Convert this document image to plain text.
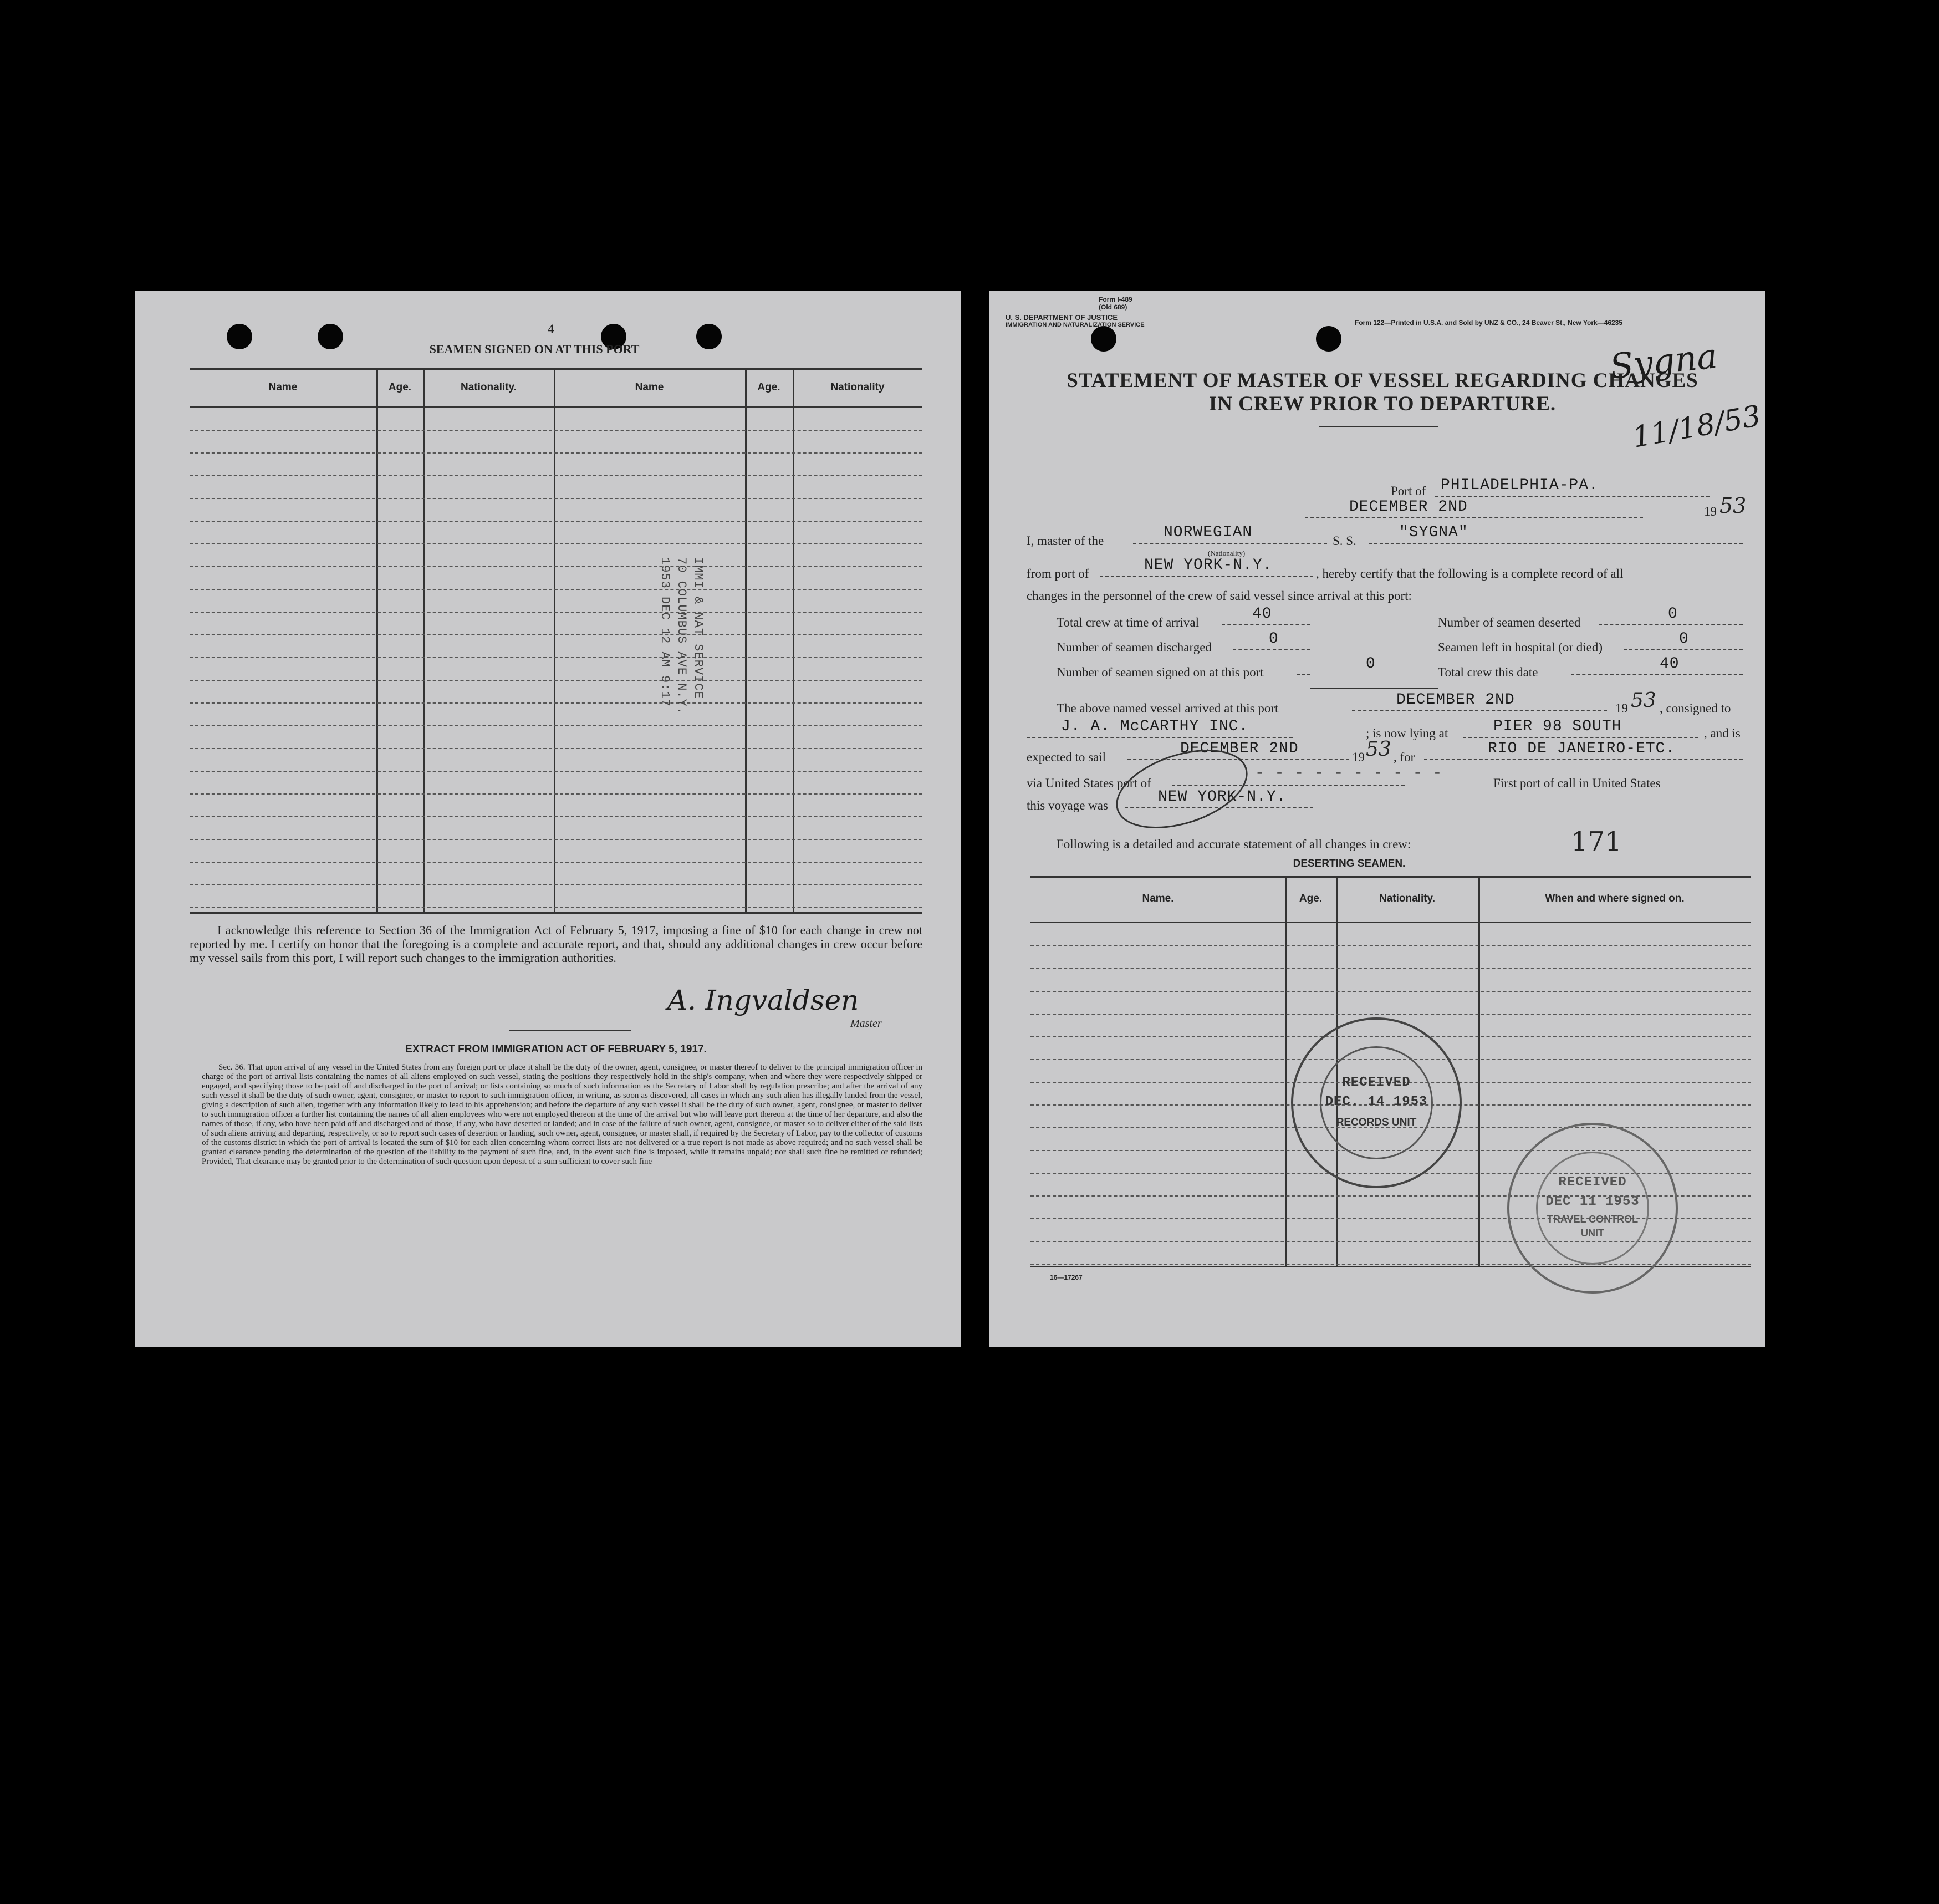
4
SEAMEN SIGNED ON AT THIS PORT
Name	Age.	Nationality.	Name	Age.	Nationality
IMMI & NAT SERVICE
70 COLUMBUS AVE N.Y.
1953 DEC 12 AM 9:17
I acknowledge this reference to Section 36 of the Immigration Act of February 5, 1917, imposing a fine of $10 for each change in crew not reported by me. I certify on honor that the foregoing is a complete and accurate report, and that, should any additional changes in crew occur before my vessel sails from this port, I will report such changes to the immigration authorities.
A. Ingvaldsen
Master
EXTRACT FROM IMMIGRATION ACT OF FEBRUARY 5, 1917.
Sec. 36. That upon arrival of any vessel in the United States from any foreign port or place it shall be the duty of the owner, agent, consignee, or master thereof to deliver to the principal immigration officer in charge of the port of arrival lists containing the names of all aliens employed on such vessel, stating the positions they respectively hold in the ship's company, when and where they were respectively shipped or engaged, and specifying those to be paid off and discharged in the port of arrival; or lists containing so much of such information as the Secretary of Labor shall by regulation prescribe; and after the arrival of any such vessel it shall be the duty of such owner, agent, consignee, or master to report to such immigration officer, in writing, as soon as discovered, all cases in which any such alien has illegally landed from the vessel, giving a description of such alien, together with any information likely to lead to his apprehension; and before the departure of any such vessel it shall be the duty of such owner, agent, consignee, or master to deliver to such immigration officer a further list containing the names of all alien employees who were not employed thereon at the time of the arrival but who will leave port thereon at the time of her departure, and also the names of those, if any, who have been paid off and discharged and of those, if any, who have deserted or landed; and in case of the failure of such owner, agent, consignee, or master so to deliver either of the said lists of such aliens arriving and departing, respectively, or so to report such cases of desertion or landing, such owner, agent, consignee, or master shall, if required by the Secretary of Labor, pay to the collector of customs of the customs district in which the port of arrival is located the sum of $10 for each alien concerning whom correct lists are not delivered or a true report is not made as above required; and no such vessel shall be granted clearance pending the determination of the question of the liability to the payment of such fine, and, in the event such fine is imposed, while it remains unpaid; nor shall such fine be remitted or refunded; Provided, That clearance may be granted prior to the determination of such question upon deposit of a sum sufficient to cover such fine
Form I-489
(Old 689)
U. S. DEPARTMENT OF JUSTICE
IMMIGRATION AND NATURALIZATION SERVICE	Form 122—Printed in U.S.A. and Sold by UNZ & CO., 24 Beaver St., New York—46235
Sygna
STATEMENT OF MASTER OF VESSEL REGARDING CHANGES
IN CREW PRIOR TO DEPARTURE.	11/18/53
Port of PHILADELPHIA-PA.
DECEMBER 2ND	19 53
I, master of the	NORWEGIAN
(Nationality)
S. S.	"SYGNA"
from port of	NEW YORK-N.Y.	, hereby certify that the following is a complete record of all
changes in the personnel of the crew of said vessel since arrival at this port:
Total crew at time of arrival	40	Number of seamen deserted	0
Number of seamen discharged	0	Seamen left in hospital (or died)	0
Number of seamen signed on at this port	0	Total crew this date	40
The above named vessel arrived at this port	DECEMBER 2ND	19 53 , consigned to
J. A. McCARTHY INC.	; is now lying at	PIER 98 SOUTH	, and is
expected to sail	DECEMBER 2ND	19 53 , for	RIO DE JANEIRO-ETC.
via United States port of
- - - - - - - - - -
First port of call in United States
this voyage was	NEW YORK-N.Y.
Following is a detailed and accurate statement of all changes in crew:	171
DESERTING SEAMEN.
Name.	Age.	Nationality.	When and where signed on.
RECEIVED
DEC. 14 1953
RECORDS UNIT
RECEIVED
DEC 11 1953
TRAVEL CONTROL
UNIT
16—17267
